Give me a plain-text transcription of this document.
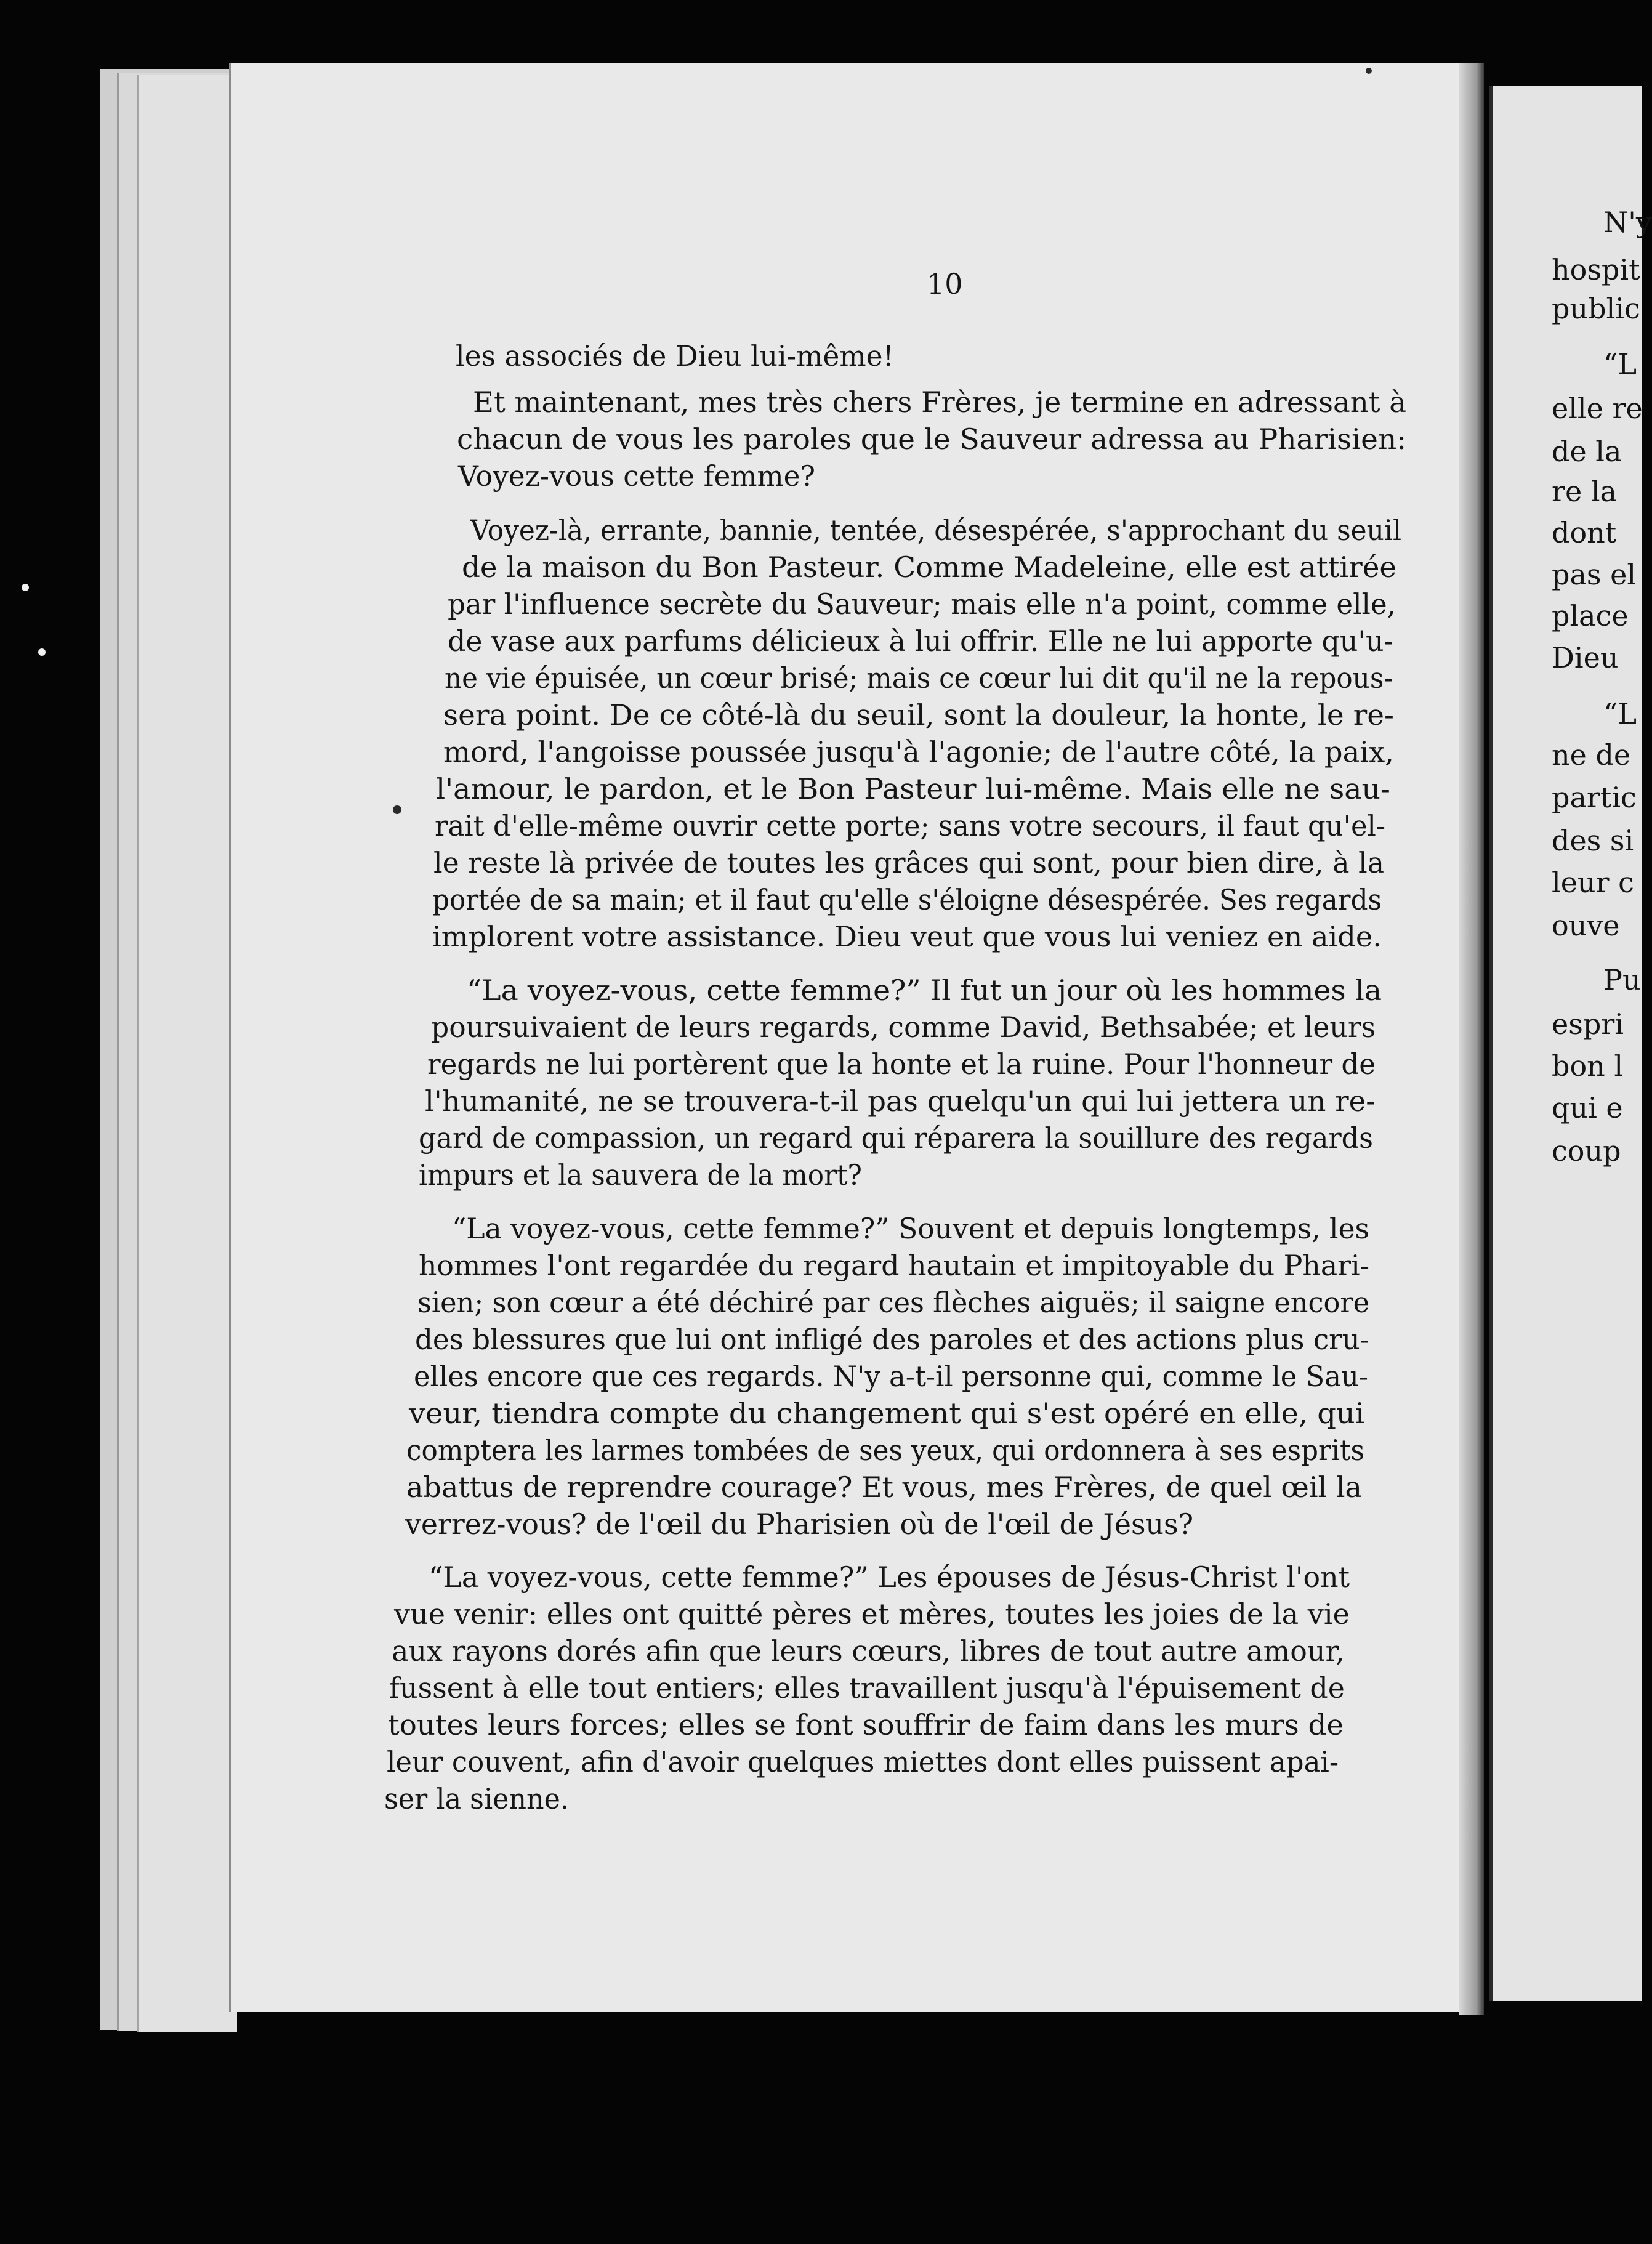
N'y
hospit
public
“L
elle re
de la
re la
dont
pas el
place
Dieu
“L
ne de
partic
des si
leur c
ouve
Pu
espri
bon l
qui e
coup
10
les associés de Dieu lui-même!
Et maintenant, mes très chers Frères, je termine en adressant à
chacun de vous les paroles que le Sauveur adressa au Pharisien:
Voyez-vous cette femme?
Voyez-là, errante, bannie, tentée, désespérée, s'approchant du seuil
de la maison du Bon Pasteur. Comme Madeleine, elle est attirée
par l'influence secrète du Sauveur; mais elle n'a point, comme elle,
de vase aux parfums délicieux à lui offrir. Elle ne lui apporte qu'u-
ne vie épuisée, un cœur brisé; mais ce cœur lui dit qu'il ne la repous-
sera point. De ce côté-là du seuil, sont la douleur, la honte, le re-
mord, l'angoisse poussée jusqu'à l'agonie; de l'autre côté, la paix,
l'amour, le pardon, et le Bon Pasteur lui-même. Mais elle ne sau-
rait d'elle-même ouvrir cette porte; sans votre secours, il faut qu'el-
le reste là privée de toutes les grâces qui sont, pour bien dire, à la
portée de sa main; et il faut qu'elle s'éloigne désespérée. Ses regards
implorent votre assistance. Dieu veut que vous lui veniez en aide.
“La voyez-vous, cette femme?” Il fut un jour où les hommes la
poursuivaient de leurs regards, comme David, Bethsabée; et leurs
regards ne lui portèrent que la honte et la ruine. Pour l'honneur de
l'humanité, ne se trouvera-t-il pas quelqu'un qui lui jettera un re-
gard de compassion, un regard qui réparera la souillure des regards
impurs et la sauvera de la mort?
“La voyez-vous, cette femme?” Souvent et depuis longtemps, les
hommes l'ont regardée du regard hautain et impitoyable du Phari-
sien; son cœur a été déchiré par ces flèches aiguës; il saigne encore
des blessures que lui ont infligé des paroles et des actions plus cru-
elles encore que ces regards. N'y a-t-il personne qui, comme le Sau-
veur, tiendra compte du changement qui s'est opéré en elle, qui
comptera les larmes tombées de ses yeux, qui ordonnera à ses esprits
abattus de reprendre courage? Et vous, mes Frères, de quel œil la
verrez-vous? de l'œil du Pharisien où de l'œil de Jésus?
“La voyez-vous, cette femme?” Les épouses de Jésus-Christ l'ont
vue venir: elles ont quitté pères et mères, toutes les joies de la vie
aux rayons dorés afin que leurs cœurs, libres de tout autre amour,
fussent à elle tout entiers; elles travaillent jusqu'à l'épuisement de
toutes leurs forces; elles se font souffrir de faim dans les murs de
leur couvent, afin d'avoir quelques miettes dont elles puissent apai-
ser la sienne.
